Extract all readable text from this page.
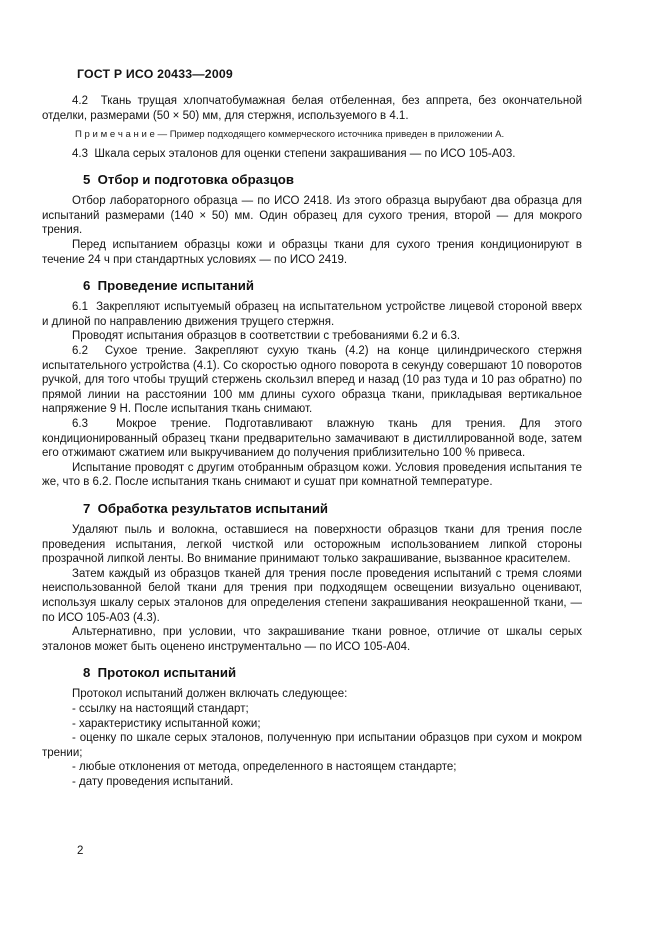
ГОСТ Р ИСО 20433—2009

4.2  Ткань трущая хлопчатобумажная белая отбеленная, без аппрета, без окончательной отделки, размерами (50 × 50) мм, для стержня, используемого в 4.1.

П р и м е ч а н и е — Пример подходящего коммерческого источника приведен в приложении А.

4.3  Шкала серых эталонов для оценки степени закрашивания — по ИСО 105-А03.

5  Отбор и подготовка образцов

Отбор лабораторного образца — по ИСО 2418. Из этого образца вырубают два образца для испытаний размерами (140 × 50) мм. Один образец для сухого трения, второй — для мокрого трения.

Перед испытанием образцы кожи и образцы ткани для сухого трения кондиционируют в течение 24 ч при стандартных условиях — по ИСО 2419.

6  Проведение испытаний

6.1  Закрепляют испытуемый образец на испытательном устройстве лицевой стороной вверх и длиной по направлению движения трущего стержня.

Проводят испытания образцов в соответствии с требованиями 6.2 и 6.3.

6.2  Сухое трение. Закрепляют сухую ткань (4.2) на конце цилиндрического стержня испытательного устройства (4.1). Со скоростью одного поворота в секунду совершают 10 поворотов ручкой, для того чтобы трущий стержень скользил вперед и назад (10 раз туда и 10 раз обратно) по прямой линии на расстоянии 100 мм длины сухого образца ткани, прикладывая вертикальное напряжение 9 Н. После испытания ткань снимают.

6.3  Мокрое трение. Подготавливают влажную ткань для трения. Для этого кондиционированный образец ткани предварительно замачивают в дистиллированной воде, затем его отжимают сжатием или выкручиванием до получения приблизительно 100 % привеса.

Испытание проводят с другим отобранным образцом кожи. Условия проведения испытания те же, что в 6.2. После испытания ткань снимают и сушат при комнатной температуре.

7  Обработка результатов испытаний

Удаляют пыль и волокна, оставшиеся на поверхности образцов ткани для трения после проведения испытания, легкой чисткой или осторожным использованием липкой стороны прозрачной липкой ленты. Во внимание принимают только закрашивание, вызванное красителем.

Затем каждый из образцов тканей для трения после проведения испытаний с тремя слоями неиспользованной белой ткани для трения при подходящем освещении визуально оценивают, используя шкалу серых эталонов для определения степени закрашивания неокрашенной ткани, — по ИСО 105-А03 (4.3).

Альтернативно, при условии, что закрашивание ткани ровное, отличие от шкалы серых эталонов может быть оценено инструментально — по ИСО 105-А04.

8  Протокол испытаний

Протокол испытаний должен включать следующее:

- ссылку на настоящий стандарт;

- характеристику испытанной кожи;

- оценку по шкале серых эталонов, полученную при испытании образцов при сухом и мокром трении;

- любые отклонения от метода, определенного в настоящем стандарте;

- дату проведения испытаний.

2
